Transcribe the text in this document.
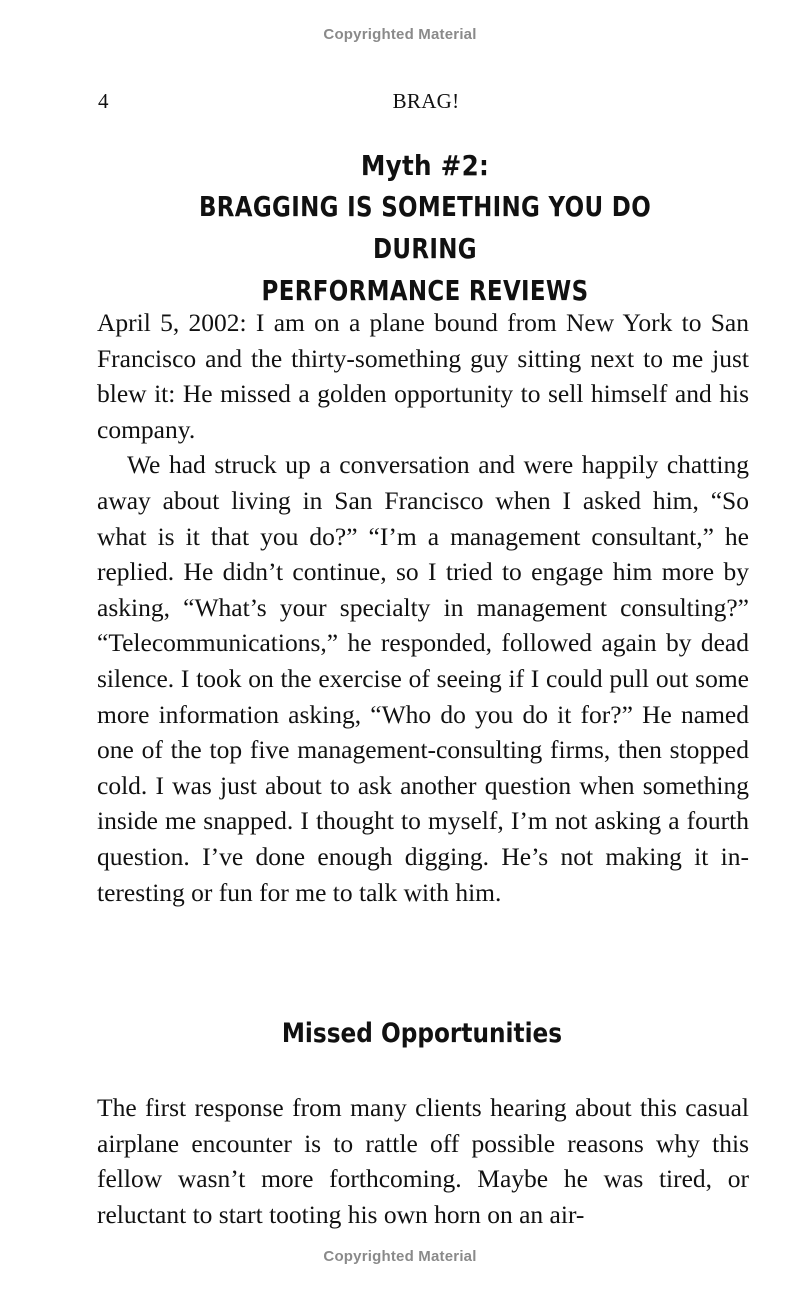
Copyrighted Material
4	BRAG!
Myth #2:
BRAGGING IS SOMETHING YOU DO DURING
PERFORMANCE REVIEWS

April 5, 2002: I am on a plane bound from New York to San Francisco and the thirty-something guy sitting next to me just blew it: He missed a golden opportunity to sell himself and his company.

We had struck up a conversation and were happily chatting away about living in San Francisco when I asked him, “So what is it that you do?” “I’m a management consultant,” he replied. He didn’t continue, so I tried to engage him more by asking, “What’s your specialty in management consulting?” “Telecommunications,” he responded, followed again by dead silence. I took on the exercise of seeing if I could pull out some more information asking, “Who do you do it for?” He named one of the top five management-consulting firms, then stopped cold. I was just about to ask another question when something inside me snapped. I thought to myself, I’m not asking a fourth question. I’ve done enough digging. He’s not making it interesting or fun for me to talk with him.

Missed Opportunities

The first response from many clients hearing about this casual airplane encounter is to rattle off possible reasons why this fellow wasn’t more forthcoming. Maybe he was tired, or reluctant to start tooting his own horn on an air-

Copyrighted Material
